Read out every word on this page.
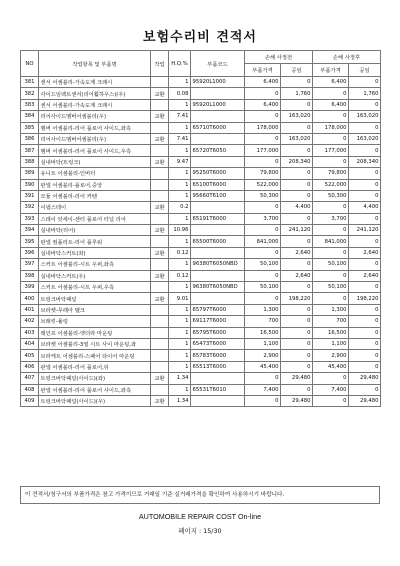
보험수리비 견적서
NO	작업항목 및 부품명	작업	H.Q.%	부품코드	손해 사정전		손해 사정후	
					부품가격	공임	부품가격	공임
381	센서 어셈블리-가속도계 크래시		1	95920L1000	6,400	0	6,400	0
382	사이드임팩트센서(리어휠하우스)(우)	교환	0.08		0	1,760	0	1,760
383	센서 어셈블리-가속도계 크래시		1	95920L1000	6,400	0	6,400	0
384	리어사이드멤버어셈블리(우)	교환	7.41		0	163,020	0	163,020
385	멤버 어셈블리-리어 플로어 사이드,좌측		1	65710T6000	178,000	0	178,000	0
386	리어사이드멤버어셈블리(우)	교환	7.41		0	163,020	0	163,020
387	멤버 어셈블리-리어 플로어 사이드,우측		1	65720T6050	177,000	0	177,000	0
388	실내바닥(트렁크)	교환	9.47		0	208,340	0	208,340
389	유니트 어셈블리-인버터		1	95250T6000	79,800	0	79,800	0
390	판넬 어셈블리-플로어,중앙		1	65100T6000	522,000	0	522,000	0
391	모듈 어셈블리-리어 커텐		1	95660T6100	50,300	0	50,300	0
392	이냅스테이	교환	0.2		0	4,400	0	4,400
393	스테이 앗세이-센터 플로어 터널 리어		1	65191T6000	3,700	0	3,700	0
394	실내바닥(리어)	교환	10.96		0	241,120	0	241,120
395	판넬 컴플리트-리어 플루워		1	65500T6000	841,000	0	841,000	0
396	실내바닥스커트(좌)	교환	0.12		0	2,640	0	2,640
397	스커트 어셈블리-시트 우퍼,좌측		1	96380T6050NBD	50,100	0	50,100	0
398	실내바닥스커트(우)	교환	0.12		0	2,640	0	2,640
399	스커트 어셈블리-시트 우퍼,우측		1	96380T6050NBD	50,100	0	50,100	0
400	트렁크바닥패널	교환	9.01		0	198,220	0	198,220
401	브라켓-무래아 벨크		1	65797T6000	1,300	0	1,300	0
402	브래킷-폴링		1	69117T6000	700	0	700	0
403	레인프 어셈블리-엣더라 마운팅		1	65795T6000	16,500	0	16,500	0
404	브라켓 어셈블리-3열 시트 사이 마운팅,좌		1	65473T6000	1,100	0	1,100	0
405	브라케트 어셈블리-스페어 타이어 마운팅		1	65783T6000	2,900	0	2,900	0
406	판넬 어셈블리-리어 플로어,뒤		1	65513T6000	45,400	0	45,400	0
407	트렁크바닥패널(사이드)(좌)	교환	1.34		0	29,480	0	29,480
408	판넬 어셈블리-리어 플로어 사이드,좌측		1	65531T6010	7,400	0	7,400	0
409	트렁크바닥패널(사이드)(우)	교환	1.34		0	29,480	0	29,480
이 견적서/청구서의 부품가격은 참고 가격이므로 거래일 기준 실거래가격을 확인하여 사용하시기 바랍니다.
AUTOMOBILE REPAIR COST On-line
페이지 : 15/30
